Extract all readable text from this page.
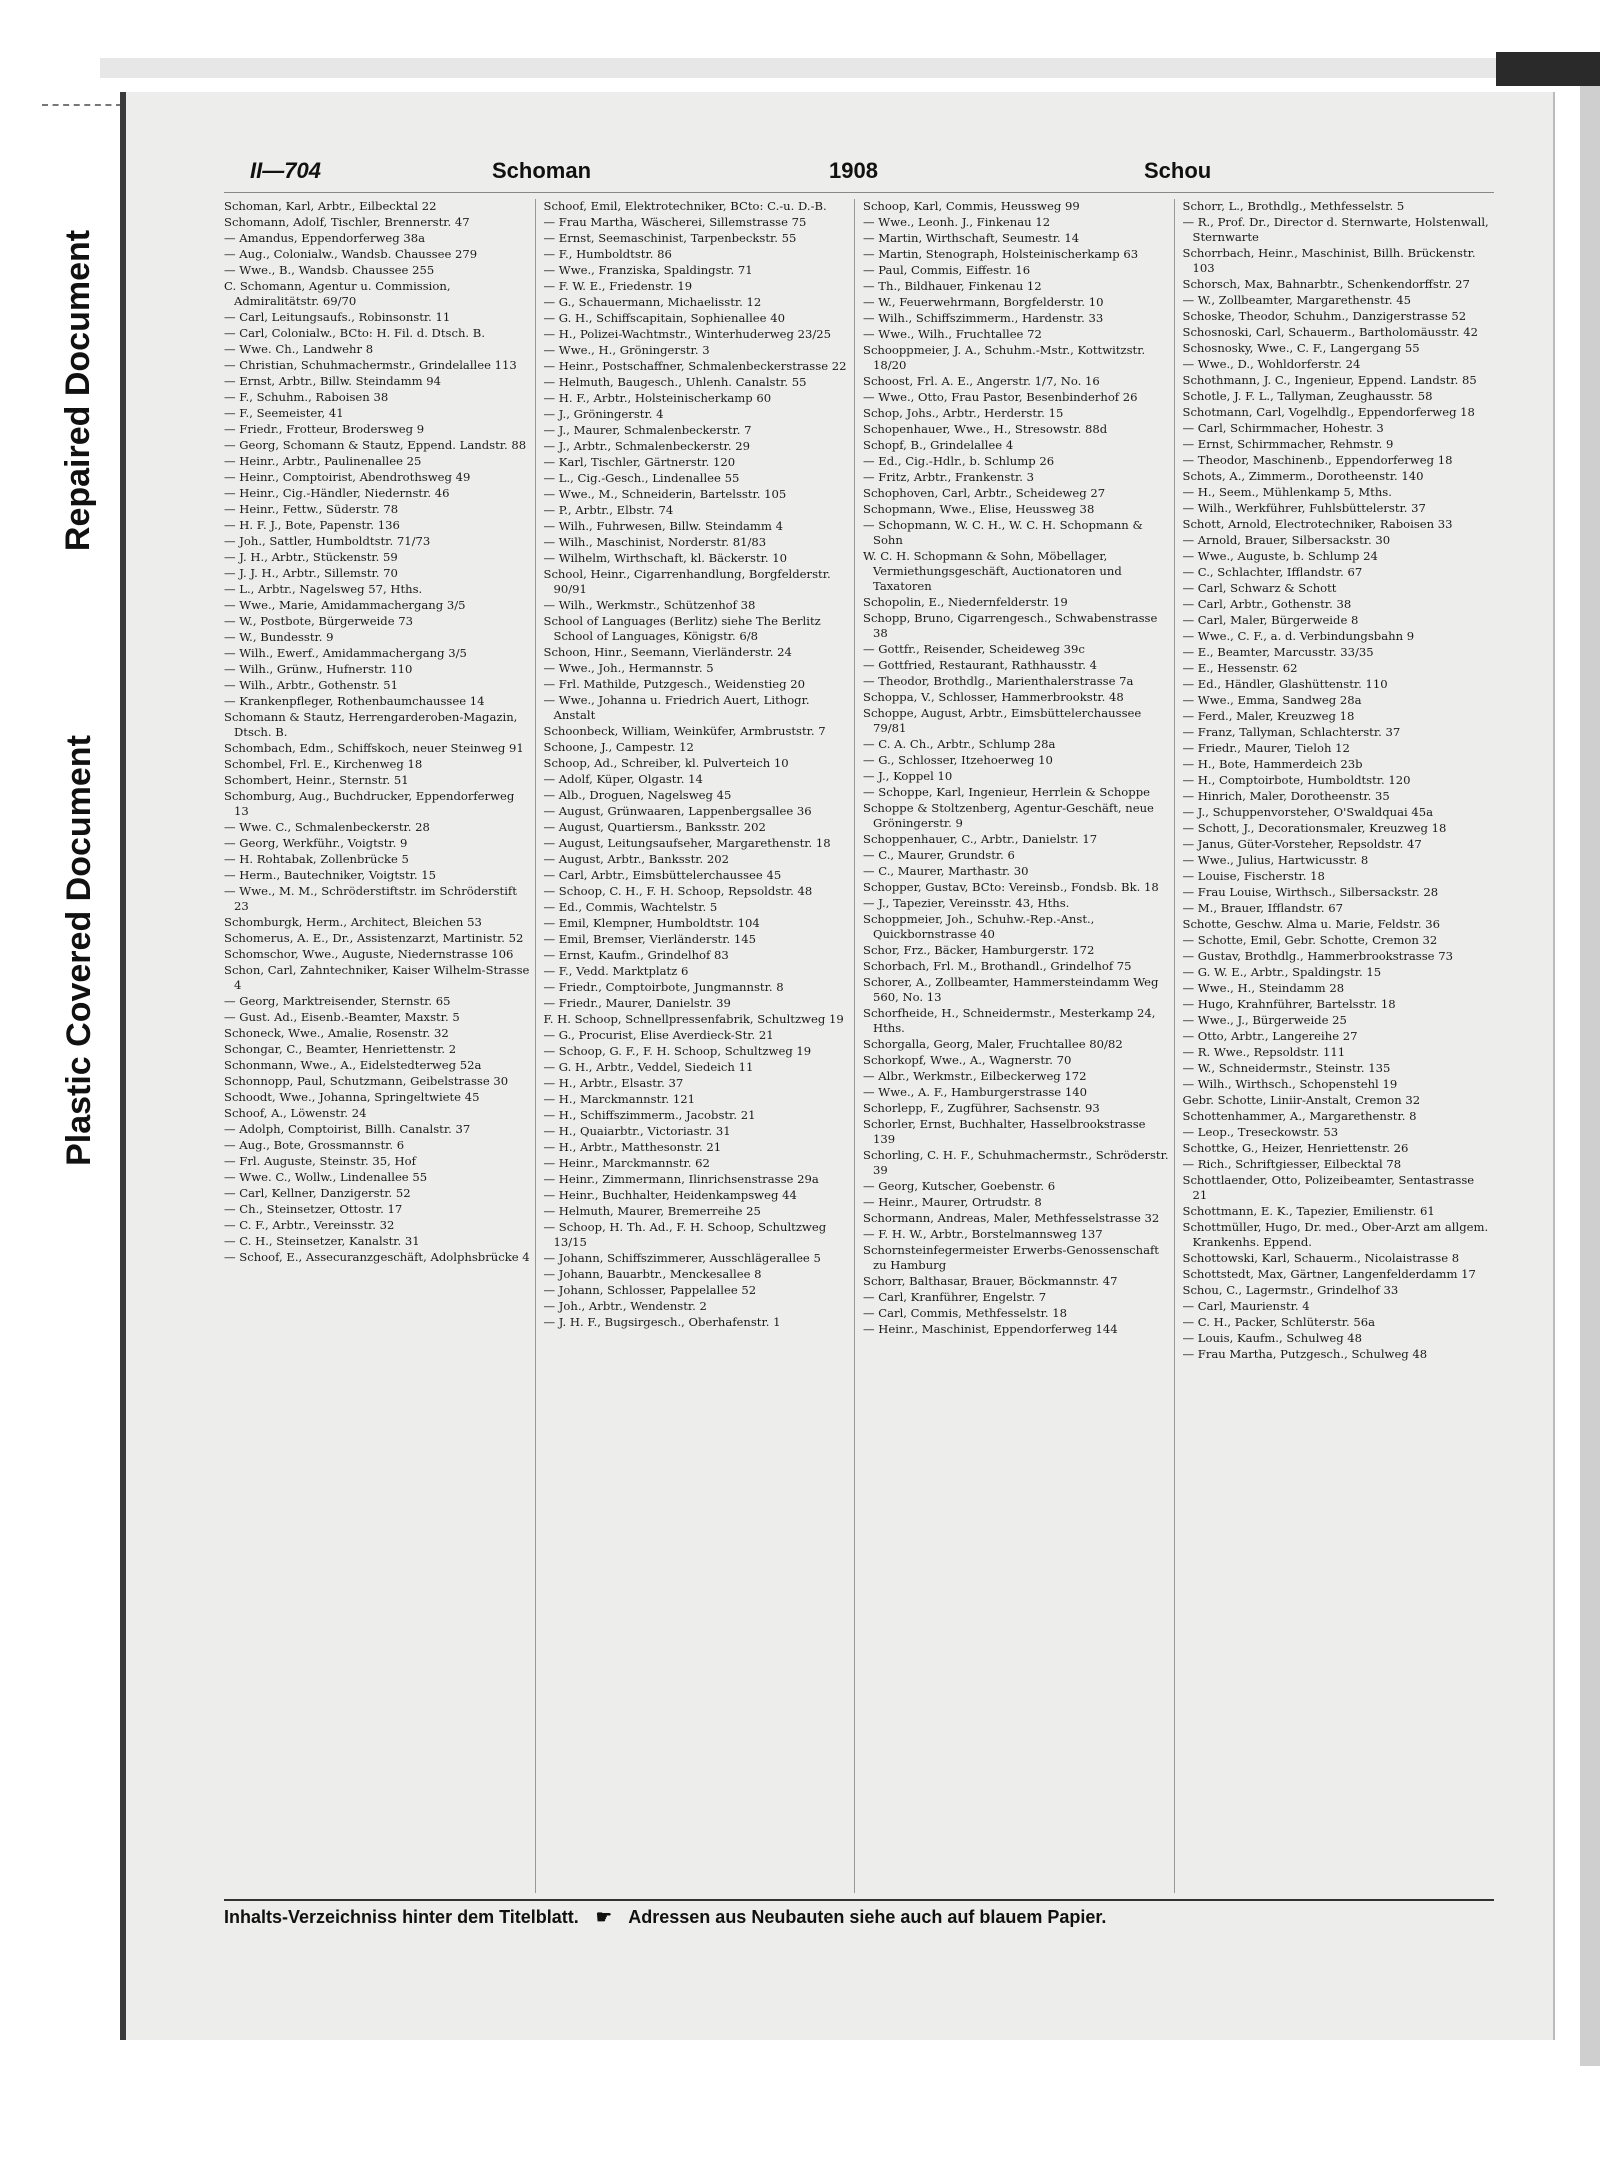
Repaired Document
Plastic Covered Document
II—704	Schoman	1908	Schou
Schoman, Karl, Arbtr., Eilbecktal 22
Schomann, Adolf, Tischler, Brennerstr. 47
— Amandus, Eppendorferweg 38a
— Aug., Colonialw., Wandsb. Chaussee 279
— Wwe., B., Wandsb. Chaussee 255
C. Schomann, Agentur u. Commission, Admiralitätstr. 69/70
— Carl, Leitungsaufs., Robinsonstr. 11
— Carl, Colonialw., BCto: H. Fil. d. Dtsch. B.
— Wwe. Ch., Landwehr 8
— Christian, Schuhmachermstr., Grindelallee 113
— Ernst, Arbtr., Billw. Steindamm 94
— F., Schuhm., Raboisen 38
— F., Seemeister, 41
— Friedr., Frotteur, Brodersweg 9
— Georg, Schomann & Stautz, Eppend. Landstr. 88
— Heinr., Arbtr., Paulinenallee 25
— Heinr., Comptoirist, Abendrothsweg 49
— Heinr., Cig.-Händler, Niedernstr. 46
— Heinr., Fettw., Süderstr. 78
— H. F. J., Bote, Papenstr. 136
— Joh., Sattler, Humboldtstr. 71/73
— J. H., Arbtr., Stückenstr. 59
— J. J. H., Arbtr., Sillemstr. 70
— L., Arbtr., Nagelsweg 57, Hths.
— Wwe., Marie, Amidammachergang 3/5
— W., Postbote, Bürgerweide 73
— W., Bundesstr. 9
— Wilh., Ewerf., Amidammachergang 3/5
— Wilh., Grünw., Hufnerstr. 110
— Wilh., Arbtr., Gothenstr. 51
— Krankenpfleger, Rothenbaumchaussee 14
Schomann & Stautz, Herrengarderoben-Magazin, Dtsch. B.
Schombach, Edm., Schiffskoch, neuer Steinweg 91
Schombel, Frl. E., Kirchenweg 18
Schombert, Heinr., Sternstr. 51
Schomburg, Aug., Buchdrucker, Eppendorferweg 13
— Wwe. C., Schmalenbeckerstr. 28
— Georg, Werkführ., Voigtstr. 9
— H. Rohtabak, Zollenbrücke 5
— Herm., Bautechniker, Voigtstr. 15
— Wwe., M. M., Schröderstiftstr. im Schröderstift 23
Schomburgk, Herm., Architect, Bleichen 53
Schomerus, A. E., Dr., Assistenzarzt, Martinistr. 52
Schomschor, Wwe., Auguste, Niedernstrasse 106
Schon, Carl, Zahntechniker, Kaiser Wilhelm-Strasse 4
— Georg, Marktreisender, Sternstr. 65
— Gust. Ad., Eisenb.-Beamter, Maxstr. 5
Schoneck, Wwe., Amalie, Rosenstr. 32
Schongar, C., Beamter, Henriettenstr. 2
Schonmann, Wwe., A., Eidelstedterweg 52a
Schonnopp, Paul, Schutzmann, Geibelstrasse 30
Schoodt, Wwe., Johanna, Springeltwiete 45
Schoof, A., Löwenstr. 24
— Adolph, Comptoirist, Billh. Canalstr. 37
— Aug., Bote, Grossmannstr. 6
— Frl. Auguste, Steinstr. 35, Hof
— Wwe. C., Wollw., Lindenallee 55
— Carl, Kellner, Danzigerstr. 52
— Ch., Steinsetzer, Ottostr. 17
— C. F., Arbtr., Vereinsstr. 32
— C. H., Steinsetzer, Kanalstr. 31
— Schoof, E., Assecuranzgeschäft, Adolphsbrücke 4
Schoof, Emil, Elektrotechniker, BCto: C.-u. D.-B.
— Frau Martha, Wäscherei, Sillemstrasse 75
— Ernst, Seemaschinist, Tarpenbeckstr. 55
— F., Humboldtstr. 86
— Wwe., Franziska, Spaldingstr. 71
— F. W. E., Friedenstr. 19
— G., Schauermann, Michaelisstr. 12
— G. H., Schiffscapitain, Sophienallee 40
— H., Polizei-Wachtmstr., Winterhuderweg 23/25
— Wwe., H., Gröningerstr. 3
— Heinr., Postschaffner, Schmalenbeckerstrasse 22
— Helmuth, Baugesch., Uhlenh. Canalstr. 55
— H. F., Arbtr., Holsteinischerkamp 60
— J., Gröningerstr. 4
— J., Maurer, Schmalenbeckerstr. 7
— J., Arbtr., Schmalenbeckerstr. 29
— Karl, Tischler, Gärtnerstr. 120
— L., Cig.-Gesch., Lindenallee 55
— Wwe., M., Schneiderin, Bartelsstr. 105
— P., Arbtr., Elbstr. 74
— Wilh., Fuhrwesen, Billw. Steindamm 4
— Wilh., Maschinist, Norderstr. 81/83
— Wilhelm, Wirthschaft, kl. Bäckerstr. 10
School, Heinr., Cigarrenhandlung, Borgfelderstr. 90/91
— Wilh., Werkmstr., Schützenhof 38
School of Languages (Berlitz) siehe The Berlitz School of Languages, Königstr. 6/8
Schoon, Hinr., Seemann, Vierländerstr. 24
— Wwe., Joh., Hermannstr. 5
— Frl. Mathilde, Putzgesch., Weidenstieg 20
— Wwe., Johanna u. Friedrich Auert, Lithogr. Anstalt
Schoonbeck, William, Weinküfer, Armbruststr. 7
Schoone, J., Campestr. 12
Schoop, Ad., Schreiber, kl. Pulverteich 10
— Adolf, Küper, Olgastr. 14
— Alb., Droguen, Nagelsweg 45
— August, Grünwaaren, Lappenbergsallee 36
— August, Quartiersm., Banksstr. 202
— August, Leitungsaufseher, Margarethenstr. 18
— August, Arbtr., Banksstr. 202
— Carl, Arbtr., Eimsbüttelerchaussee 45
— Schoop, C. H., F. H. Schoop, Repsoldstr. 48
— Ed., Commis, Wachtelstr. 5
— Emil, Klempner, Humboldtstr. 104
— Emil, Bremser, Vierländerstr. 145
— Ernst, Kaufm., Grindelhof 83
— F., Vedd. Marktplatz 6
— Friedr., Comptoirbote, Jungmannstr. 8
— Friedr., Maurer, Danielstr. 39
F. H. Schoop, Schnellpressenfabrik, Schultzweg 19
— G., Procurist, Elise Averdieck-Str. 21
— Schoop, G. F., F. H. Schoop, Schultzweg 19
— G. H., Arbtr., Veddel, Siedeich 11
— H., Arbtr., Elsastr. 37
— H., Marckmannstr. 121
— H., Schiffszimmerm., Jacobstr. 21
— H., Quaiarbtr., Victoriastr. 31
— H., Arbtr., Matthesonstr. 21
— Heinr., Marckmannstr. 62
— Heinr., Zimmermann, Ilinrichsenstrasse 29a
— Heinr., Buchhalter, Heidenkampsweg 44
— Helmuth, Maurer, Bremerreihe 25
— Schoop, H. Th. Ad., F. H. Schoop, Schultzweg 13/15
— Johann, Schiffszimmerer, Ausschlägerallee 5
— Johann, Bauarbtr., Menckesallee 8
— Johann, Schlosser, Pappelallee 52
— Joh., Arbtr., Wendenstr. 2
— J. H. F., Bugsirgesch., Oberhafenstr. 1
Schoop, Karl, Commis, Heussweg 99
— Wwe., Leonh. J., Finkenau 12
— Martin, Wirthschaft, Seumestr. 14
— Martin, Stenograph, Holsteinischerkamp 63
— Paul, Commis, Eiffestr. 16
— Th., Bildhauer, Finkenau 12
— W., Feuerwehrmann, Borgfelderstr. 10
— Wilh., Schiffszimmerm., Hardenstr. 33
— Wwe., Wilh., Fruchtallee 72
Schooppmeier, J. A., Schuhm.-Mstr., Kottwitzstr. 18/20
Schoost, Frl. A. E., Angerstr. 1/7, No. 16
— Wwe., Otto, Frau Pastor, Besenbinderhof 26
Schop, Johs., Arbtr., Herderstr. 15
Schopenhauer, Wwe., H., Stresowstr. 88d
Schopf, B., Grindelallee 4
— Ed., Cig.-Hdlr., b. Schlump 26
— Fritz, Arbtr., Frankenstr. 3
Schophoven, Carl, Arbtr., Scheideweg 27
Schopmann, Wwe., Elise, Heussweg 38
— Schopmann, W. C. H., W. C. H. Schopmann & Sohn
W. C. H. Schopmann & Sohn, Möbellager, Vermiethungsgeschäft, Auctionatoren und Taxatoren
Schopolin, E., Niedernfelderstr. 19
Schopp, Bruno, Cigarrengesch., Schwabenstrasse 38
— Gottfr., Reisender, Scheideweg 39c
— Gottfried, Restaurant, Rathhausstr. 4
— Theodor, Brothdlg., Marienthalerstrasse 7a
Schoppa, V., Schlosser, Hammerbrookstr. 48
Schoppe, August, Arbtr., Eimsbüttelerchaussee 79/81
— C. A. Ch., Arbtr., Schlump 28a
— G., Schlosser, Itzehoerweg 10
— J., Koppel 10
— Schoppe, Karl, Ingenieur, Herrlein & Schoppe
Schoppe & Stoltzenberg, Agentur-Geschäft, neue Gröningerstr. 9
Schoppenhauer, C., Arbtr., Danielstr. 17
— C., Maurer, Grundstr. 6
— C., Maurer, Marthastr. 30
Schopper, Gustav, BCto: Vereinsb., Fondsb. Bk. 18
— J., Tapezier, Vereinsstr. 43, Hths.
Schoppmeier, Joh., Schuhw.-Rep.-Anst., Quickbornstrasse 40
Schor, Frz., Bäcker, Hamburgerstr. 172
Schorbach, Frl. M., Brothandl., Grindelhof 75
Schorer, A., Zollbeamter, Hammersteindamm Weg 560, No. 13
Schorfheide, H., Schneidermstr., Mesterkamp 24, Hths.
Schorgalla, Georg, Maler, Fruchtallee 80/82
Schorkopf, Wwe., A., Wagnerstr. 70
— Albr., Werkmstr., Eilbeckerweg 172
— Wwe., A. F., Hamburgerstrasse 140
Schorlepp, F., Zugführer, Sachsenstr. 93
Schorler, Ernst, Buchhalter, Hasselbrookstrasse 139
Schorling, C. H. F., Schuhmachermstr., Schröderstr. 39
— Georg, Kutscher, Goebenstr. 6
— Heinr., Maurer, Ortrudstr. 8
Schormann, Andreas, Maler, Methfesselstrasse 32
— F. H. W., Arbtr., Borstelmannsweg 137
Schornsteinfegermeister Erwerbs-Genossenschaft zu Hamburg
Schorr, Balthasar, Brauer, Böckmannstr. 47
— Carl, Kranführer, Engelstr. 7
— Carl, Commis, Methfesselstr. 18
— Heinr., Maschinist, Eppendorferweg 144
Schorr, L., Brothdlg., Methfesselstr. 5
— R., Prof. Dr., Director d. Sternwarte, Holstenwall, Sternwarte
Schorrbach, Heinr., Maschinist, Billh. Brückenstr. 103
Schorsch, Max, Bahnarbtr., Schenkendorffstr. 27
— W., Zollbeamter, Margarethenstr. 45
Schoske, Theodor, Schuhm., Danzigerstrasse 52
Schosnoski, Carl, Schauerm., Bartholomäusstr. 42
Schosnosky, Wwe., C. F., Langergang 55
— Wwe., D., Wohldorferstr. 24
Schothmann, J. C., Ingenieur, Eppend. Landstr. 85
Schotle, J. F. L., Tallyman, Zeughausstr. 58
Schotmann, Carl, Vogelhdlg., Eppendorferweg 18
— Carl, Schirmmacher, Hohestr. 3
— Ernst, Schirmmacher, Rehmstr. 9
— Theodor, Maschinenb., Eppendorferweg 18
Schots, A., Zimmerm., Dorotheenstr. 140
— H., Seem., Mühlenkamp 5, Mths.
— Wilh., Werkführer, Fuhlsbüttelerstr. 37
Schott, Arnold, Electrotechniker, Raboisen 33
— Arnold, Brauer, Silbersackstr. 30
— Wwe., Auguste, b. Schlump 24
— C., Schlachter, Ifflandstr. 67
— Carl, Schwarz & Schott
— Carl, Arbtr., Gothenstr. 38
— Carl, Maler, Bürgerweide 8
— Wwe., C. F., a. d. Verbindungsbahn 9
— E., Beamter, Marcusstr. 33/35
— E., Hessenstr. 62
— Ed., Händler, Glashüttenstr. 110
— Wwe., Emma, Sandweg 28a
— Ferd., Maler, Kreuzweg 18
— Franz, Tallyman, Schlachterstr. 37
— Friedr., Maurer, Tieloh 12
— H., Bote, Hammerdeich 23b
— H., Comptoirbote, Humboldtstr. 120
— Hinrich, Maler, Dorotheenstr. 35
— J., Schuppenvorsteher, O'Swaldquai 45a
— Schott, J., Decorationsmaler, Kreuzweg 18
— Janus, Güter-Vorsteher, Repsoldstr. 47
— Wwe., Julius, Hartwicusstr. 8
— Louise, Fischerstr. 18
— Frau Louise, Wirthsch., Silbersackstr. 28
— M., Brauer, Ifflandstr. 67
Schotte, Geschw. Alma u. Marie, Feldstr. 36
— Schotte, Emil, Gebr. Schotte, Cremon 32
— Gustav, Brothdlg., Hammerbrookstrasse 73
— G. W. E., Arbtr., Spaldingstr. 15
— Wwe., H., Steindamm 28
— Hugo, Krahnführer, Bartelsstr. 18
— Wwe., J., Bürgerweide 25
— Otto, Arbtr., Langereihe 27
— R. Wwe., Repsoldstr. 111
— W., Schneidermstr., Steinstr. 135
— Wilh., Wirthsch., Schopenstehl 19
Gebr. Schotte, Liniir-Anstalt, Cremon 32
Schottenhammer, A., Margarethenstr. 8
— Leop., Treseckowstr. 53
Schottke, G., Heizer, Henriettenstr. 26
— Rich., Schriftgiesser, Eilbecktal 78
Schottlaender, Otto, Polizeibeamter, Sentastrasse 21
Schottmann, E. K., Tapezier, Emilienstr. 61
Schottmüller, Hugo, Dr. med., Ober-Arzt am allgem. Krankenhs. Eppend.
Schottowski, Karl, Schauerm., Nicolaistrasse 8
Schottstedt, Max, Gärtner, Langenfelderdamm 17
Schou, C., Lagermstr., Grindelhof 33
— Carl, Maurienstr. 4
— C. H., Packer, Schlüterstr. 56a
— Louis, Kaufm., Schulweg 48
— Frau Martha, Putzgesch., Schulweg 48
Inhalts-Verzeichniss hinter dem Titelblatt. ☛ Adressen aus Neubauten siehe auch auf blauem Papier.
